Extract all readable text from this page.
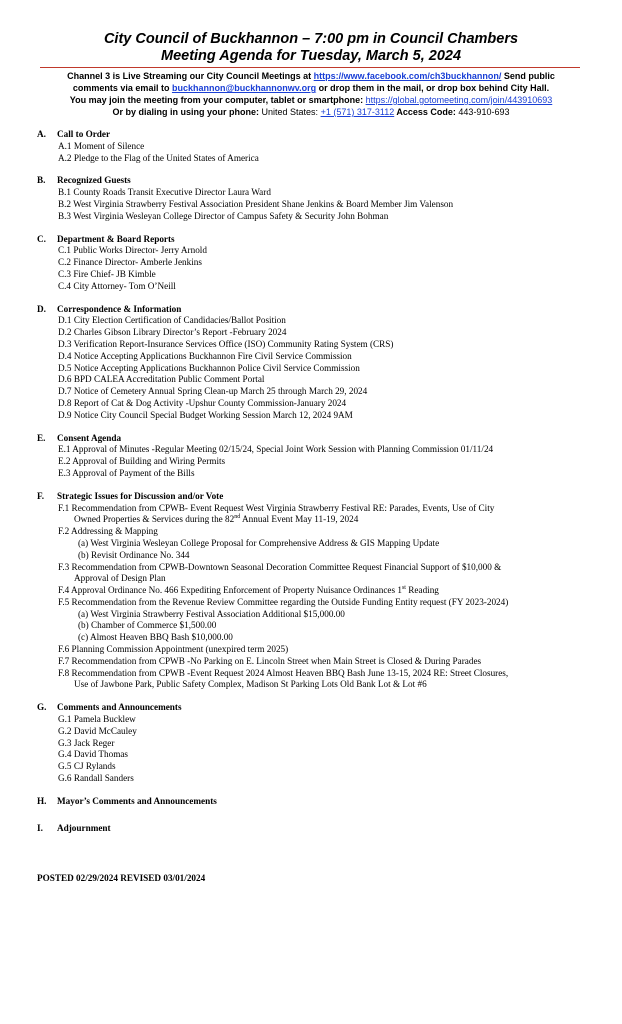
City Council of Buckhannon – 7:00 pm in Council Chambers
Meeting Agenda for Tuesday, March 5, 2024
Channel 3 is Live Streaming our City Council Meetings at https://www.facebook.com/ch3buckhannon/ Send public
comments via email to buckhannon@buckhannonwv.org or drop them in the mail, or drop box behind City Hall.
You may join the meeting from your computer, tablet or smartphone: https://global.gotomeeting.com/join/443910693
Or by dialing in using your phone: United States: +1 (571) 317-3112 Access Code: 443-910-693
A.	Call to Order
A.1 Moment of Silence
A.2 Pledge to the Flag of the United States of America
B.	Recognized Guests
B.1 County Roads Transit Executive Director Laura Ward
B.2 West Virginia Strawberry Festival Association President Shane Jenkins & Board Member Jim Valenson
B.3 West Virginia Wesleyan College Director of Campus Safety & Security John Bohman
C.	Department & Board Reports
C.1 Public Works Director- Jerry Arnold
C.2 Finance Director- Amberle Jenkins
C.3 Fire Chief- JB Kimble
C.4 City Attorney- Tom O’Neill
D.	Correspondence & Information
D.1 City Election Certification of Candidacies/Ballot Position
D.2 Charles Gibson Library Director’s Report -February 2024
D.3 Verification Report-Insurance Services Office (ISO) Community Rating System (CRS)
D.4 Notice Accepting Applications Buckhannon Fire Civil Service Commission
D.5 Notice Accepting Applications Buckhannon Police Civil Service Commission
D.6 BPD CALEA Accreditation Public Comment Portal
D.7 Notice of Cemetery Annual Spring Clean-up March 25 through March 29, 2024
D.8 Report of Cat & Dog Activity -Upshur County Commission-January 2024
D.9 Notice City Council Special Budget Working Session March 12, 2024 9AM
E.	Consent Agenda
E.1 Approval of Minutes -Regular Meeting 02/15/24, Special Joint Work Session with Planning Commission 01/11/24
E.2 Approval of Building and Wiring Permits
E.3 Approval of Payment of the Bills
F.	Strategic Issues for Discussion and/or Vote
F.1 Recommendation from CPWB- Event Request West Virginia Strawberry Festival RE: Parades, Events, Use of City
Owned Properties & Services during the 82nd Annual Event May 11-19, 2024
F.2 Addressing & Mapping
(a) West Virginia Wesleyan College Proposal for Comprehensive Address & GIS Mapping Update
(b) Revisit Ordinance No. 344
F.3 Recommendation from CPWB-Downtown Seasonal Decoration Committee Request Financial Support of $10,000 &
Approval of Design Plan
F.4 Approval Ordinance No. 466 Expediting Enforcement of Property Nuisance Ordinances 1st Reading
F.5 Recommendation from the Revenue Review Committee regarding the Outside Funding Entity request (FY 2023-2024)
(a) West Virginia Strawberry Festival Association Additional $15,000.00
(b) Chamber of Commerce $1,500.00
(c) Almost Heaven BBQ Bash $10,000.00
F.6 Planning Commission Appointment (unexpired term 2025)
F.7 Recommendation from CPWB -No Parking on E. Lincoln Street when Main Street is Closed & During Parades
F.8 Recommendation from CPWB -Event Request 2024 Almost Heaven BBQ Bash June 13-15, 2024 RE: Street Closures,
Use of Jawbone Park, Public Safety Complex, Madison St Parking Lots Old Bank Lot & Lot #6
G.	Comments and Announcements
G.1 Pamela Bucklew
G.2 David McCauley
G.3 Jack Reger
G.4 David Thomas
G.5 CJ Rylands
G.6 Randall Sanders
H.	Mayor’s Comments and Announcements
I.	Adjournment
POSTED 02/29/2024 REVISED 03/01/2024
